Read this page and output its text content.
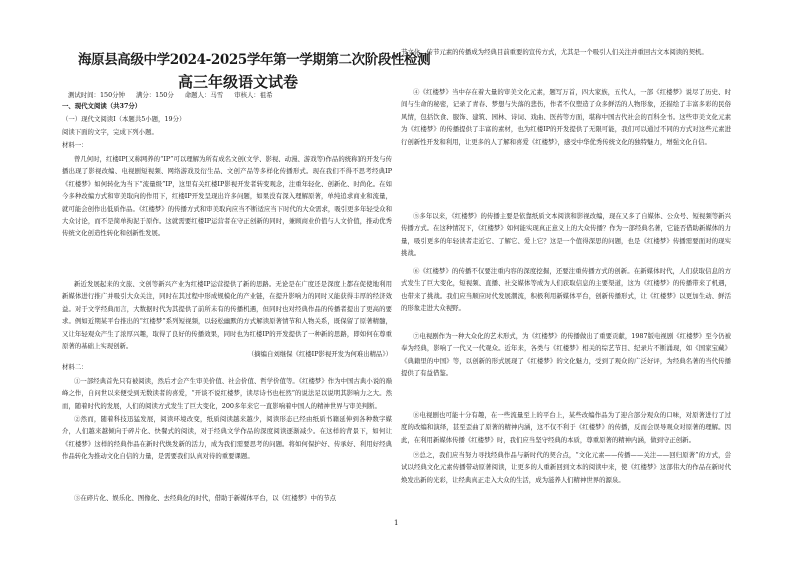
海原县高级中学2024-2025学年第一学期第二次阶段性检测
高三年级语文试卷
测试时间：150分钟 满分：150分 命题人：马雪 审核人：祖希
一、现代文阅读（共37分）
（一）现代文阅读Ⅰ（本题共5小题，19分）
阅读下面的文字，完成下列小题。
材料一：
曾几何时，红楼IP[又称网养的“IP”可以理解为所有成名文创(文学、影视、动漫、游戏等)作品的统称]的开发与传播出现了影视改编、电视剧短视频、网络游戏及衍生品、文创产品等多样化传播形式。现在我们不得不思考经典IP《红楼梦》如何转化为当下“流量级”IP，这里有关红楼IP影视开发者转变观念，注重年轻化、创新化、时尚化。在如今多种改编方式和审美取向的作用下，红楼IP开发呈现出许多问题，如果没有深入理解原著，单纯追求商业和流量，就可能会创作出低质作品。《红楼梦》的传播方式和审美取向应当不断适应当下时代的大众需求，吸引更多年轻受众和大众讨论，而不是简单拘泥于原作。这就需要红楼IP运营者在守正创新的同时，兼顾商业价值与人文价值，推动优秀传统文化创造性转化和创新性发展。
新近发展起来的文旅、文创等新兴产业为红楼IP运营提供了新的思路。无论是在广度还是深度上都在促使地利用新媒体进行推广并吸引大众关注，同时在其过程中形成规模化的产业链，在提升影响力的同时又能获得丰厚的经济效益。对于文学经典而言，大数据时代为其提供了前所未有的传播机遇，但同时也对经典作品的传播者提出了更高的要求。例如近期某平台推出的“红楼梦”系列短视频，以轻松幽默的方式解读原著情节和人物关系，既保留了原著精髓，又让年轻观众产生了浓厚兴趣，取得了良好的传播效果，同时也为红楼IP的开发提供了一种新的思路，即如何在尊重原著的基础上实现创新。
（摘编自刘继保《红楼IP影视开发为何难出精品》）
材料二：
①一部经典首先只有被阅读，然后才会产生审美价值、社会价值、哲学价值等。《红楼梦》作为中国古典小说的巅峰之作，自问世以来便受到无数读者的喜爱，“开谈不说红楼梦，读尽诗书也枉然”的说法足以说明其影响力之大。然而，随着时代的发展，人们的阅读方式发生了巨大变化，200多年来它一直影响着中国人的精神世界与审美判断。
②然而，随着科技迅猛发展，阅读环境改变，纸质阅读越来越少，阅读形态已经由纸质书籍延伸到各种数字媒介，人们越来越倾向于碎片化、快餐式的阅读，对于经典文学作品的深度阅读逐渐减少。在这样的背景下，如何让《红楼梦》这样的经典作品在新时代焕发新的活力，成为我们需要思考的问题。将如何保护好、传承好、利用好经典作品转化为推动文化自信的力量，是需要我们认真对待的重要课题。
③在碎片化、娱乐化、图像化、去经典化的时代，借助于新媒体平台，以《红楼梦》中的节点
节文化、传节元素的传播成为经典目前重要的宣传方式，尤其是一个吸引人们关注并重回古文本阅读的契机。
④《红楼梦》当中存在着大量的审美文化元素，题写万首，四大家族，五代人，一部《红楼梦》说尽了历史、时间与生命的秘密，记录了青春、梦想与失落的悲伤，作者不仅塑造了众多鲜活的人物形象，还描绘了丰富多彩的民俗风情，包括饮食、服饰、建筑、园林、诗词、戏曲、医药等方面，堪称中国古代社会的百科全书。这些审美文化元素为《红楼梦》的传播提供了丰富的素材，也为红楼IP的开发提供了无限可能，我们可以通过不同的方式对这些元素进行创新性开发和利用，让更多的人了解和喜爱《红楼梦》，感受中华优秀传统文化的独特魅力，增强文化自信。
⑤多年以来，《红楼梦》的传播主要是依靠纸质文本阅读和影视改编，现在又多了自媒体、公众号、短视频等新兴传播方式。在这种情况下，《红楼梦》如何能实现真正意义上的大众传播？作为一部经典名著，它能否借助新媒体的力量，吸引更多的年轻读者走近它、了解它、爱上它？这是一个值得深思的问题，也是《红楼梦》传播需要面对的现实挑战。
⑥《红楼梦》的传播不仅要注重内容的深度挖掘，还要注重传播方式的创新。在新媒体时代，人们获取信息的方式发生了巨大变化，短视频、直播、社交媒体等成为人们获取信息的主要渠道，这为《红楼梦》的传播带来了机遇，也带来了挑战。我们应当顺应时代发展潮流，积极利用新媒体平台，创新传播形式，让《红楼梦》以更加生动、鲜活的形象走进大众视野。
⑦电视剧作为一种大众化的艺术形式，为《红楼梦》的传播做出了重要贡献，1987版电视剧《红楼梦》至今仍被奉为经典，影响了一代又一代观众。近年来，各类与《红楼梦》相关的综艺节目、纪录片不断涌现，如《国家宝藏》《典籍里的中国》等，以创新的形式展现了《红楼梦》的文化魅力，受到了观众的广泛好评，为经典名著的当代传播提供了有益借鉴。
⑧电视剧也可能十分有趣，在一些流量至上的平台上，某些改编作品为了迎合部分观众的口味，对原著进行了过度的改编和演绎，甚至歪曲了原著的精神内涵，这不仅不利于《红楼梦》的传播，反而会误导观众对原著的理解。因此，在利用新媒体传播《红楼梦》时，我们应当坚守经典的本质，尊重原著的精神内涵，做到守正创新。
⑨总之，我们应当努力寻找经典作品与新时代的契合点，“文化元素——传播——关注——回归原著”的方式，尝试以经典文化元素传播带动原著阅读，让更多的人重新回到文本的阅读中来，使《红楼梦》这部伟大的作品在新时代焕发出新的光彩，让经典真正走入大众的生活，成为滋养人们精神世界的源泉。
1
